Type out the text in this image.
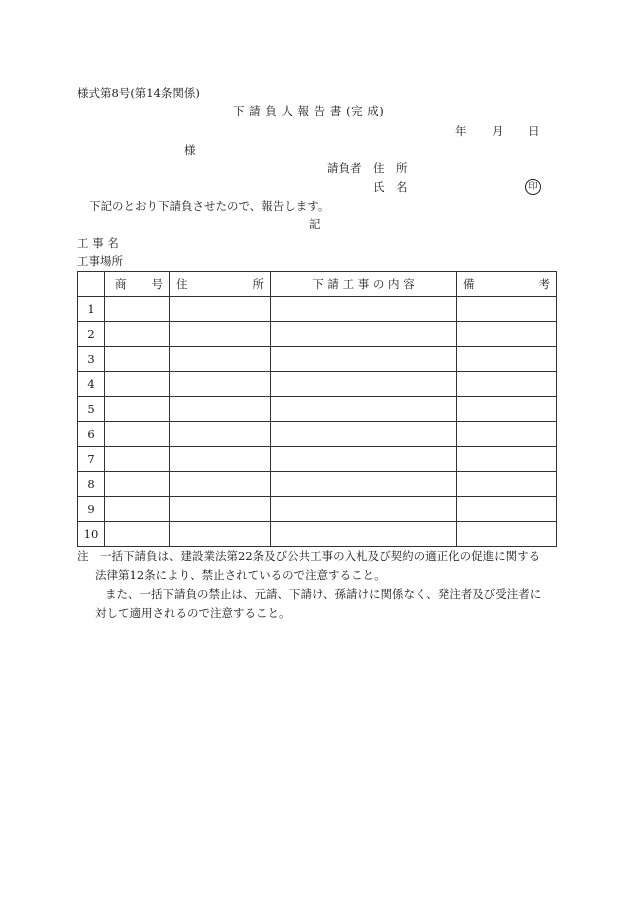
様式第8号(第14条関係)
下 請 負 人 報 告 書 (完 成)
年 月 日
様
請負者 住　所
氏　名	印
下記のとおり下請負させたので、報告します。
記
工 事 名
工事場所

	商 号	住 所	下 請 工 事 の 内 容	備 考

1				
2				
3				
4				
5				
6				
7				
8				
9				
10				
注　一括下請負は、建設業法第22条及び公共工事の入札及び契約の適正化の促進に関する
法律第12条により、禁止されているので注意すること。
また、一括下請負の禁止は、元請、下請け、孫請けに関係なく、発注者及び受注者に
対して適用されるので注意すること。
